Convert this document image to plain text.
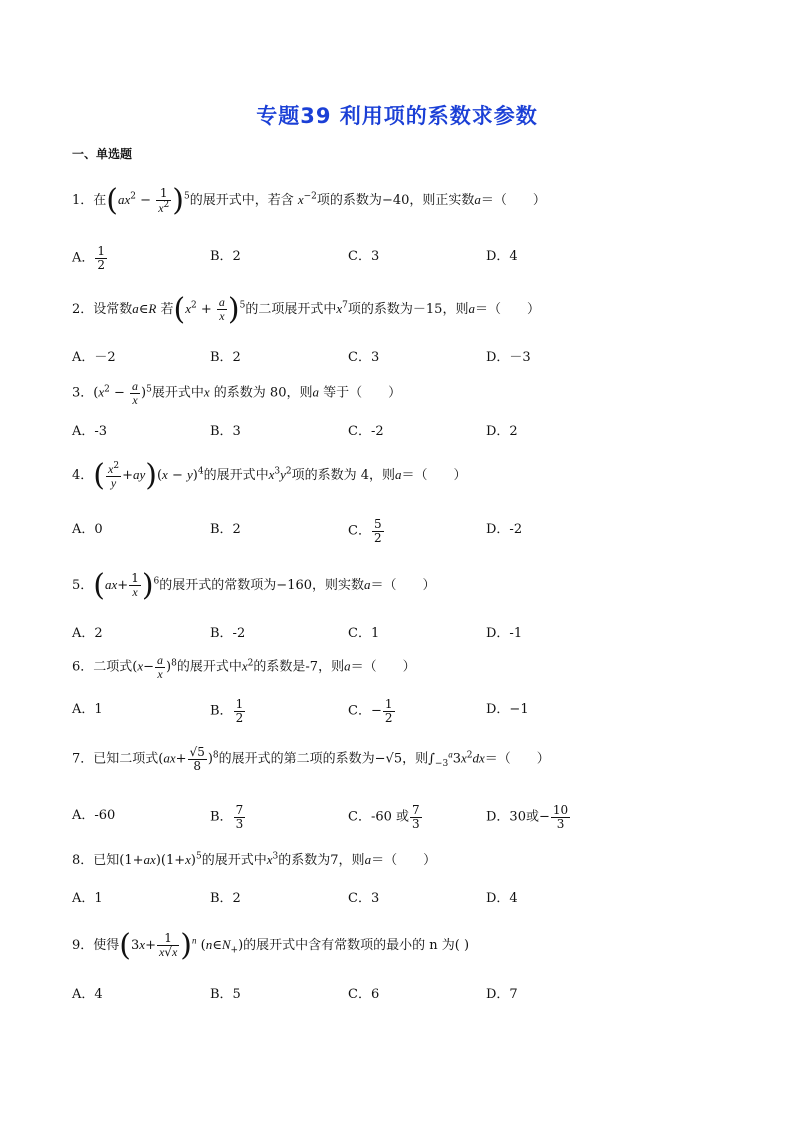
专题39 利用项的系数求参数
一、单选题
1．在$(ax^2 - \frac{1}{x^2} )^5$的展开式中，若含 $x^{-2}$项的系数为−40，则正实数a＝（　　）
A． $\frac{1}{2}$	B．2	C．3	D．4
2．设常数a∈R 若$(x^2 + \frac{a}{x} )^5$的二项展开式中$x^7$项的系数为－15，则a＝（　　）
A．－2	B．2	C．3	D．－3
3．$(x^2 - \frac{a}{x} )^5$展开式中x 的系数为 80，则a 等于（　　）
A．-3	B．3	C．-2	D．2
4．( $\frac{x^2}{y} +ay)(x - y)^4$的展开式中$x^3y^2$项的系数为 4，则a＝（　　）
A．0	B．2	C． $\frac{5}{2}$	D．-2
5．$(ax+ \frac{1}{x} )^6$的展开式的常数项为−160，则实数a＝（　　）
A．2	B．-2	C．1	D．-1
6．二项式$(x- \frac{a}{x} )^8$的展开式中$x^2$的系数是-7，则a＝（　　）
A．1	B． $\frac{1}{2}$	C．− $\frac{1}{2}$	D．−1
7．已知二项式$(ax+ \frac{√5}{8} )^8$的展开式的第二项的系数为−√5，则$\int_{-3}^a3x^2dx=$（　　）
A．-60	B． $\frac{7}{3}$	C．-60 或 $\frac{7}{3}$	D．30或− $\frac{10}{3}$
8．已知$(1+ax)(1+x)^5$的展开式中$x^3$的系数为7，则a＝（　　）
A．1	B．2	C．3	D．4
9．使得$(3x+ \frac{1}{x√x} )^n$ $(n\in N_+)$的展开式中含有常数项的最小的 n 为( )
A．4	B．5	C．6	D．7
